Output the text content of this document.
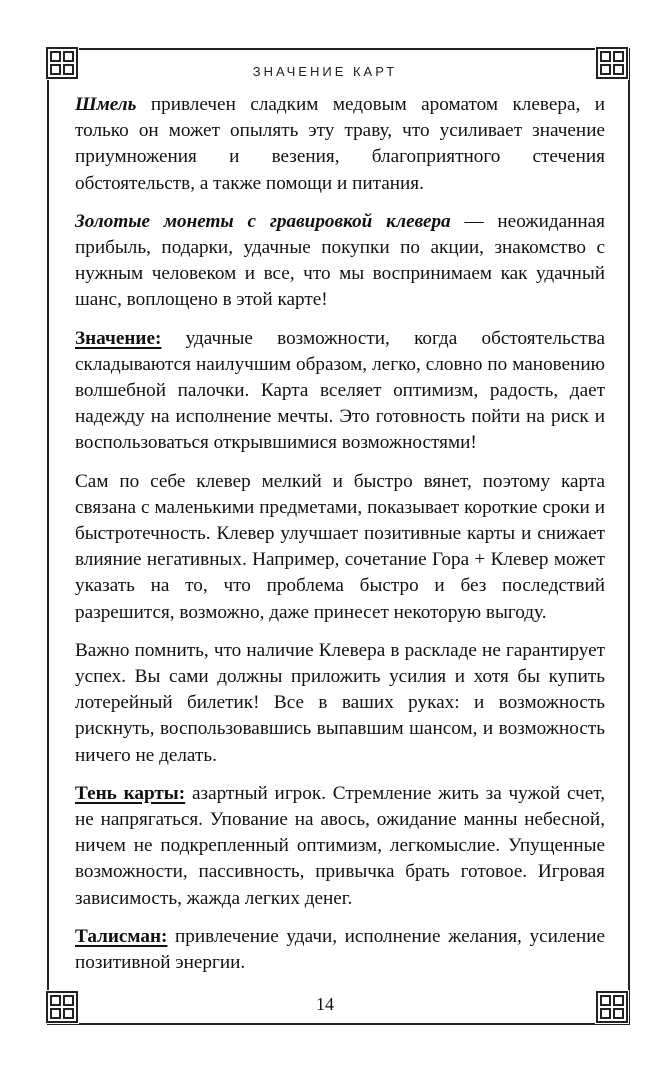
ЗНАЧЕНИЕ КАРТ

Шмель привлечен сладким медовым ароматом клевера, и только он может опылять эту траву, что усиливает значение приумножения и везения, благоприятного стечения обстоятельств, а также помощи и питания.

Золотые монеты с гравировкой клевера — неожиданная прибыль, подарки, удачные покупки по акции, знакомство с нужным человеком и все, что мы воспринимаем как удачный шанс, воплощено в этой карте!

Значение: удачные возможности, когда обстоятельства складываются наилучшим образом, легко, словно по мановению волшебной палочки. Карта вселяет оптимизм, радость, дает надежду на исполнение мечты. Это готовность пойти на риск и воспользоваться открывшимися возможностями!

Сам по себе клевер мелкий и быстро вянет, поэтому карта связана с маленькими предметами, показывает короткие сроки и быстротечность. Клевер улучшает позитивные карты и снижает влияние негативных. Например, сочетание Гора + Клевер может указать на то, что проблема быстро и без последствий разрешится, возможно, даже принесет некоторую выгоду.

Важно помнить, что наличие Клевера в раскладе не гарантирует успех. Вы сами должны приложить усилия и хотя бы купить лотерейный билетик! Все в ваших руках: и возможность рискнуть, воспользовавшись выпавшим шансом, и возможность ничего не делать.

Тень карты: азартный игрок. Стремление жить за чужой счет, не напрягаться. Упование на авось, ожидание манны небесной, ничем не подкрепленный оптимизм, легкомыслие. Упущенные возможности, пассивность, привычка брать готовое. Игровая зависимость, жажда легких денег.

Талисман: привлечение удачи, исполнение желания, усиление позитивной энергии.

14
